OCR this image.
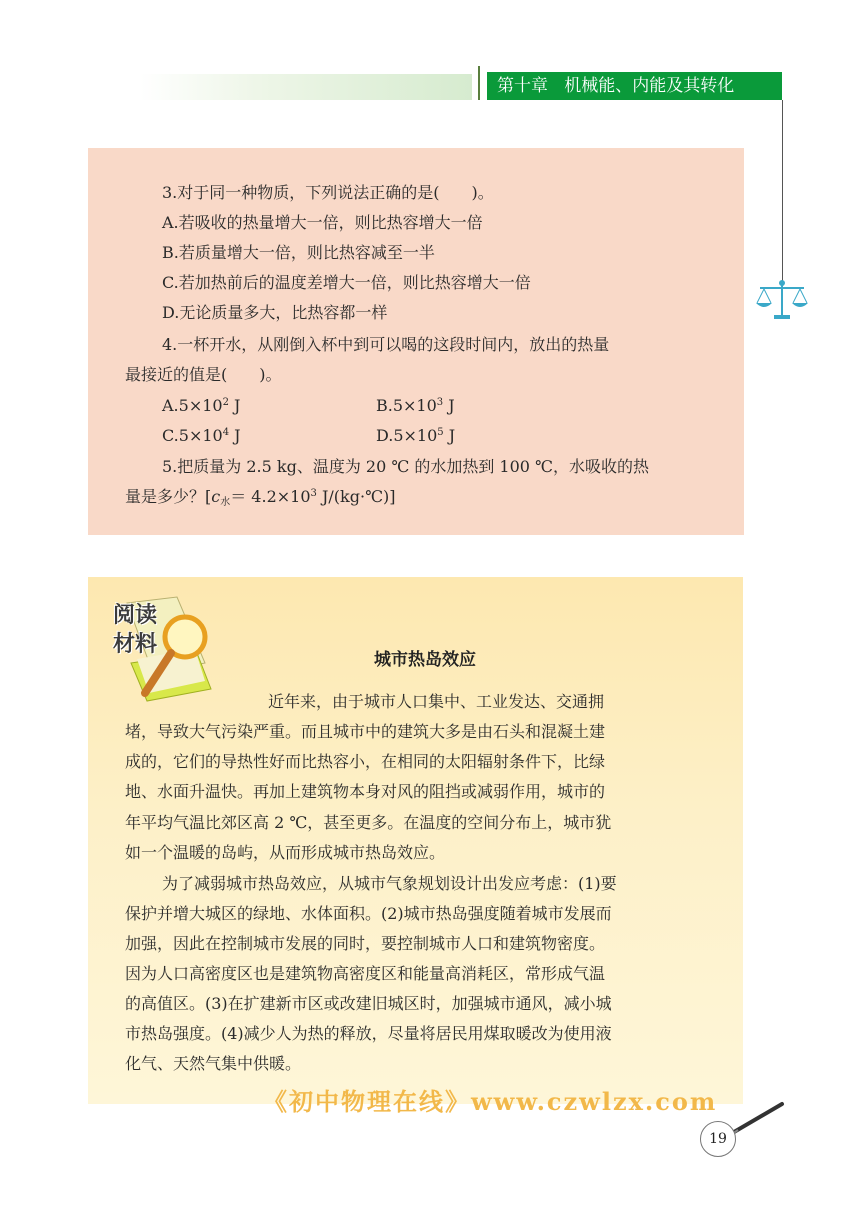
第十章   机械能、内能及其转化
3.对于同一种物质，下列说法正确的是(　　)。
A.若吸收的热量增大一倍，则比热容增大一倍
B.若质量增大一倍，则比热容减至一半
C.若加热前后的温度差增大一倍，则比热容增大一倍
D.无论质量多大，比热容都一样
4.一杯开水，从刚倒入杯中到可以喝的这段时间内，放出的热量
最接近的值是(　　)。
$A.5\times 10^2$ J	$B.5\times 10^3$ J
$C.5\times 10^4$ J	$D.5\times 10^5$ J
5.把质量为 2.5 kg、温度为 20 ℃ 的水加热到 100 ℃，水吸收的热
量是多少？[$c_水= 4.2\times 10^3$ J/(kg·℃)]
阅读
材料
城市热岛效应
近年来，由于城市人口集中、工业发达、交通拥
堵，导致大气污染严重。而且城市中的建筑大多是由石头和混凝土建
成的，它们的导热性好而比热容小，在相同的太阳辐射条件下，比绿
地、水面升温快。再加上建筑物本身对风的阻挡或减弱作用，城市的
年平均气温比郊区高 2 ℃，甚至更多。在温度的空间分布上，城市犹
如一个温暖的岛屿，从而形成城市热岛效应。
为了减弱城市热岛效应，从城市气象规划设计出发应考虑：(1)要
保护并增大城区的绿地、水体面积。(2)城市热岛强度随着城市发展而
加强，因此在控制城市发展的同时，要控制城市人口和建筑物密度。
因为人口高密度区也是建筑物高密度区和能量高消耗区，常形成气温
的高值区。(3)在扩建新市区或改建旧城区时，加强城市通风，减小城
市热岛强度。(4)减少人为热的释放，尽量将居民用煤取暖改为使用液
化气、天然气集中供暖。
《初中物理在线》www.czwlzx.com
19
